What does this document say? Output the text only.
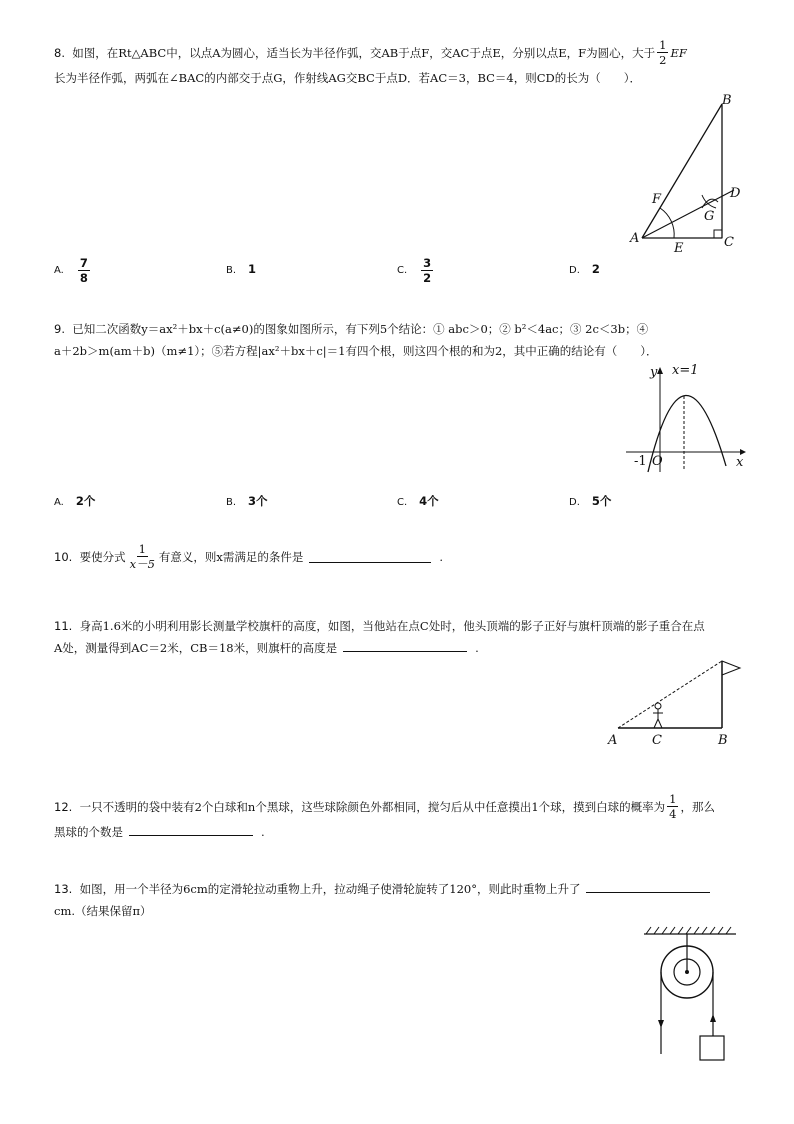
8.
如图，在Rt△ABC中，以点A为圆心，适当长为半径作弧，交AB于点F，交AC于点E，分别以点E，F为圆心，大于 $\frac{1}{2}$ EF
长为半径作弧，两弧在∠BAC的内部交于点G，作射线AG交BC于点D．若AC＝3，BC＝4，则CD的长为（　　）．
A
B
C
D
E
F
G
A. $\frac{7}{8}$	B. 1	C. $\frac{3}{2}$	D. 2
9. 已知二次函数y＝ax²＋bx＋c(a≠0)的图象如图所示，有下列5个结论：① abc＞0；② b²＜4ac；③ 2c＜3b；④
a＋2b＞m(am＋b)（m≠1）；⑤若方程|ax²＋bx＋c|＝1有四个根，则这四个根的和为2，其中正确的结论有（　　）．
y
x
x=1
-1 O
A. 2个	B. 3个	C. 4个	D. 5个
10.
要使分式 $\frac{1}{x-5}$ 有意义，则x需满足的条件是	.
11. 身高1.6米的小明利用影长测量学校旗杆的高度，如图，当他站在点C处时，他头顶端的影子正好与旗杆顶端的影子重合在点
A处，测量得到AC＝2米，CB＝18米，则旗杆的高度是	.
A	C	B
12.
一只不透明的袋中装有2个白球和n个黑球，这些球除颜色外都相同，搅匀后从中任意摸出1个球，摸到白球的概率为 $\frac{1}{4}$ ，那么
黑球的个数是	.
13. 如图，用一个半径为6cm的定滑轮拉动重物上升，拉动绳子使滑轮旋转了120°，则此时重物上升了
cm.（结果保留π）
